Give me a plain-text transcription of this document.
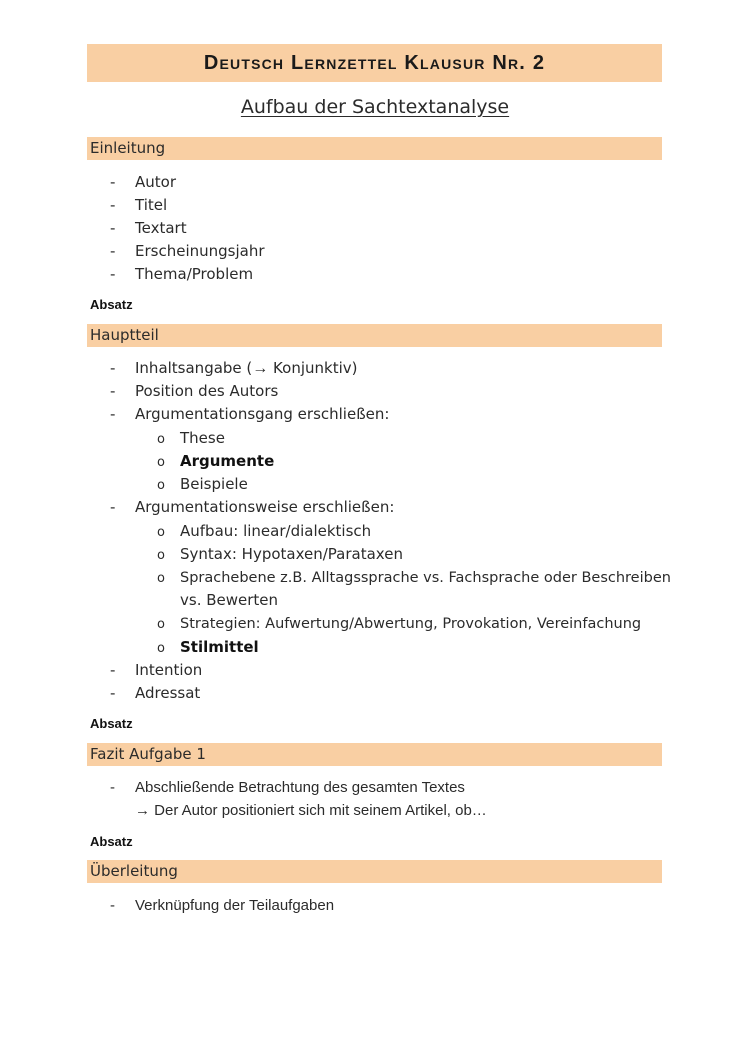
Deutsch Lernzettel Klausur Nr. 2
Aufbau der Sachtextanalyse
Einleitung
- Autor
- Titel
- Textart
- Erscheinungsjahr
- Thema/Problem
Absatz
Hauptteil
- Inhaltsangabe (→ Konjunktiv)
- Position des Autors
- Argumentationsgang erschließen:
o These
o Argumente
o Beispiele
- Argumentationsweise erschließen:
o Aufbau: linear/dialektisch
o Syntax: Hypotaxen/Parataxen
o Sprachebene z.B. Alltagssprache vs. Fachsprache oder Beschreiben
vs. Bewerten
o Strategien: Aufwertung/Abwertung, Provokation, Vereinfachung
o Stilmittel
- Intention
- Adressat
Absatz
Fazit Aufgabe 1
- Abschließende Betrachtung des gesamten Textes
→ Der Autor positioniert sich mit seinem Artikel, ob…
Absatz
Überleitung
- Verknüpfung der Teilaufgaben
